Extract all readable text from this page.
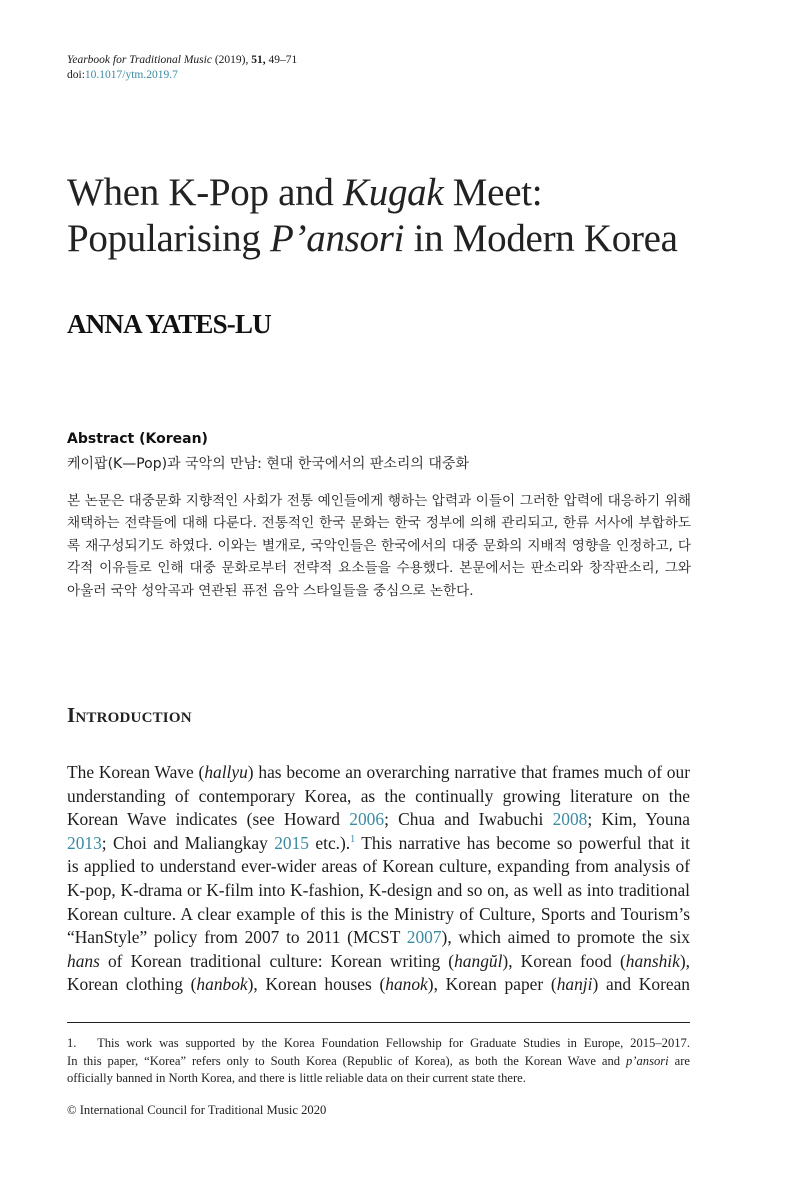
Yearbook for Traditional Music (2019), 51, 49–71
doi:10.1017/ytm.2019.7
When K-Pop and Kugak Meet:
Popularising P’ansori in Modern Korea
ANNA YATES-LU
Abstract (Korean)
케이팝(K—Pop)과 국악의 만남: 현대 한국에서의 판소리의 대중화
본 논문은 대중문화 지향적인 사회가 전통 예인들에게 행하는 압력과 이들이 그러한 압력에 대응하기 위해 채택하는 전략들에 대해 다룬다. 전통적인 한국 문화는 한국 정부에 의해 관리되고, 한류 서사에 부합하도록 재구성되기도 하였다. 이와는 별개로, 국악인들은 한국에서의 대중 문화의 지배적 영향을 인정하고, 다각적 이유들로 인해 대중 문화로부터 전략적 요소들을 수용했다. 본문에서는 판소리와 창작판소리, 그와 아울러 국악 성악곡과 연관된 퓨전 음악 스타일들을 중심으로 논한다.
Introduction
The Korean Wave (hallyu) has become an overarching narrative that frames much of our
understanding of contemporary Korea, as the continually growing literature on the
Korean Wave indicates (see Howard 2006; Chua and Iwabuchi 2008; Kim, Youna
2013; Choi and Maliangkay 2015 etc.).$^1$ This narrative has become so powerful that it
is applied to understand ever-wider areas of Korean culture, expanding from analysis of
K-pop, K-drama or K-film into K-fashion, K-design and so on, as well as into traditional
Korean culture. A clear example of this is the Ministry of Culture, Sports and Tourism’s
“HanStyle” policy from 2007 to 2011 (MCST 2007), which aimed to promote the six
hans of Korean traditional culture: Korean writing (hangŭl), Korean food (hanshik),
Korean clothing (hanbok), Korean houses (hanok), Korean paper (hanji) and Korean
1.   This work was supported by the Korea Foundation Fellowship for Graduate Studies in Europe, 2015–2017.
In this paper, “Korea” refers only to South Korea (Republic of Korea), as both the Korean Wave and p’ansori are
officially banned in North Korea, and there is little reliable data on their current state there.
© International Council for Traditional Music 2020
